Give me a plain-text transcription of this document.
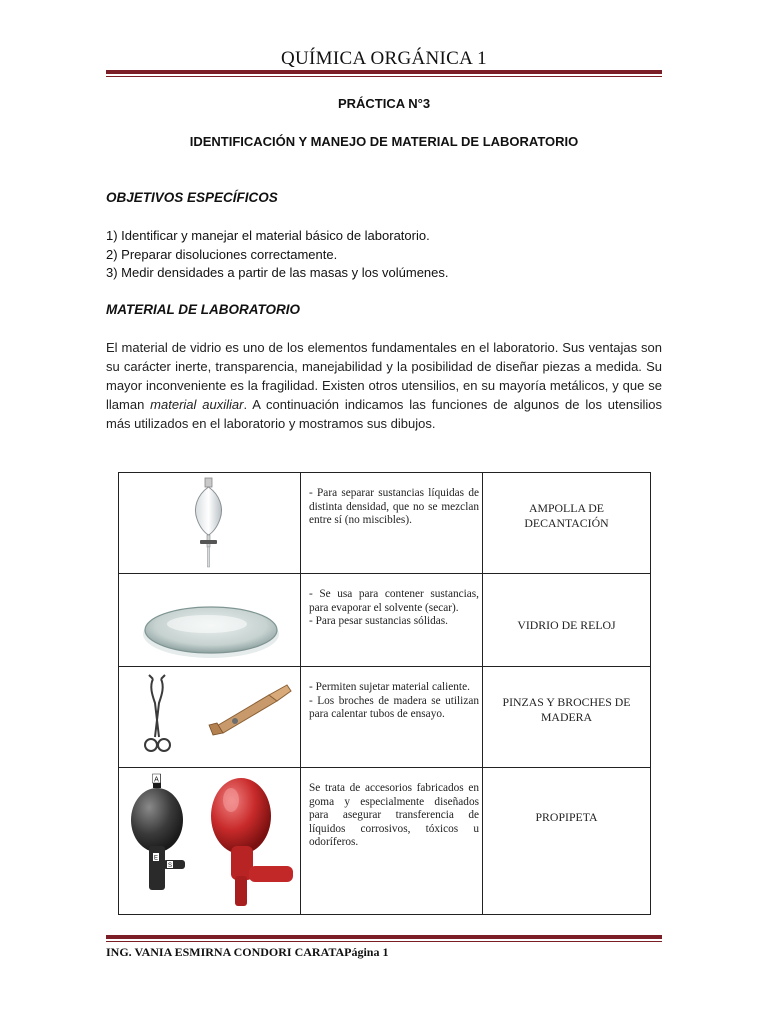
QUÍMICA ORGÁNICA 1
PRÁCTICA N°3
IDENTIFICACIÓN Y MANEJO DE MATERIAL DE LABORATORIO
OBJETIVOS ESPECÍFICOS
1) Identificar y manejar el material básico de laboratorio.
2) Preparar disoluciones correctamente.
3) Medir densidades a partir de las masas y los volúmenes.
MATERIAL DE LABORATORIO
El material de vidrio es uno de los elementos fundamentales en el laboratorio. Sus ventajas son su carácter inerte, transparencia, manejabilidad y la posibilidad de diseñar piezas a medida. Su mayor inconveniente es la fragilidad. Existen otros utensilios, en su mayoría metálicos, y que se llaman material auxiliar. A continuación indicamos las funciones de algunos de los utensilios más utilizados en el laboratorio y mostramos sus dibujos.

- Para separar sustancias líquidas de distinta densidad, que no se mezclan entre sí (no miscibles).	AMPOLLA DE
DECANTACIÓN

- Se usa para contener sustancias, para evaporar el solvente (secar).
- Para pesar sustancias sólidas.	VIDRIO DE RELOJ

- Permiten sujetar material caliente.
- Los broches de madera se utilizan para calentar tubos de ensayo.	PINZAS Y BROCHES DE
MADERA

A
E
S	Se trata de accesorios fabricados en goma y especialmente diseñados para asegurar transferencia de líquidos corrosivos, tóxicos u odoríferos.	PROPIPETA
ING. VANIA ESMIRNA CONDORI CARATAPágina 1
